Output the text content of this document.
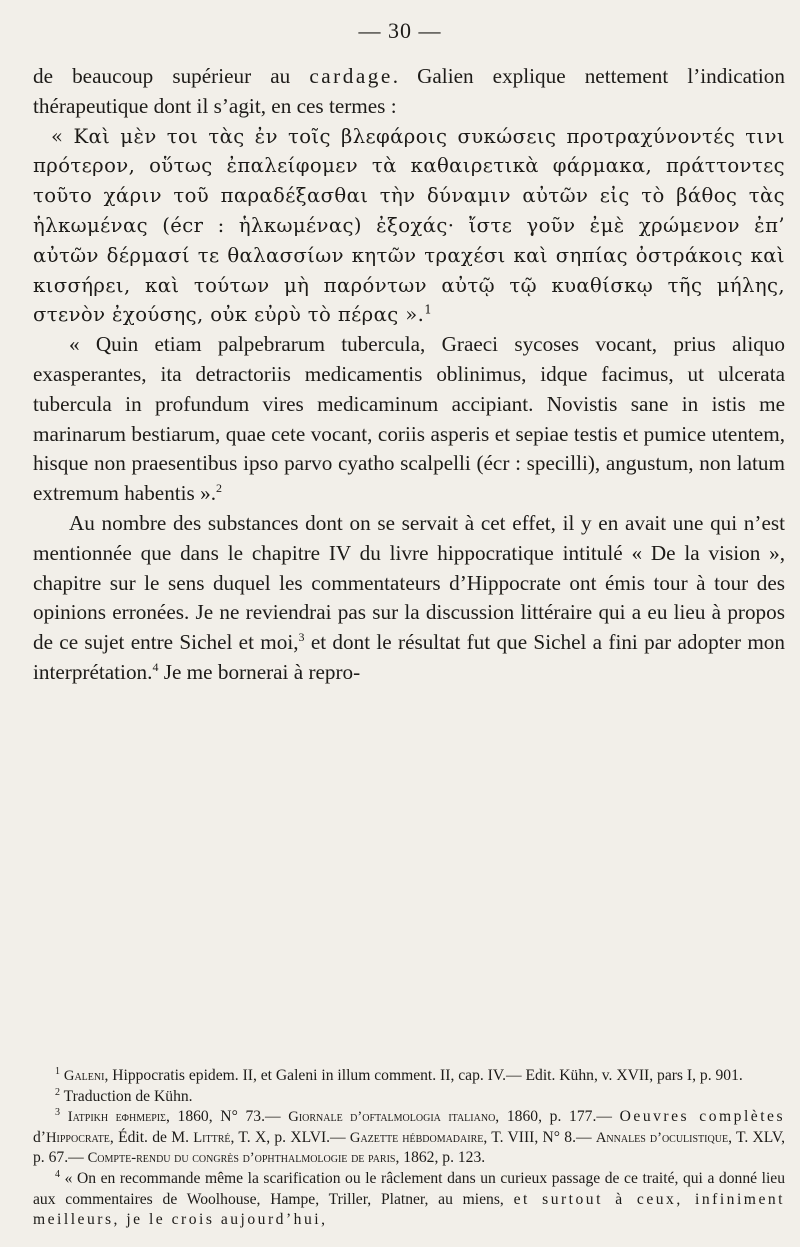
— 30 —

de beaucoup supérieur au cardage. Galien explique nettement l’indication thérapeutique dont il s’agit, en ces termes :

« Καὶ μὲν τοι τὰς ἐν τοῖς βλεφάροις συκώσεις προτραχύνοντές τινι πρότερον, οὕτως ἐπαλείφομεν τὰ καθαιρετικὰ φάρμακα, πράττοντες τοῦτο χάριν τοῦ παραδέξασθαι τὴν δύναμιν αὐτῶν εἰς τὸ βάθος τὰς ἡλκωμένας (écr : ἡλκωμένας) ἐξοχάς· ἴστε γοῦν ἐμὲ χρώμενον ἐπ’ αὐτῶν δέρμασί τε θαλασσίων κητῶν τραχέσι καὶ σηπίας ὀστράκοις καὶ κισσήρει, καὶ τούτων μὴ παρόντων αὐτῷ τῷ κυαθίσκῳ τῆς μήλης, στενὸν ἐχούσης, οὐκ εὐρὺ τὸ πέρας ».$^1$

« Quin etiam palpebrarum tubercula, Graeci sycoses vocant, prius aliquo exasperantes, ita detractoriis medicamentis oblinimus, idque facimus, ut ulcerata tubercula in profundum vires medicaminum accipiant. Novistis sane in istis me marinarum bestiarum, quae cete vocant, coriis asperis et sepiae testis et pumice utentem, hisque non praesentibus ipso parvo cyatho scalpelli (écr : specilli), angustum, non latum extremum habentis ».$^2$

Au nombre des substances dont on se servait à cet effet, il y en avait une qui n’est mentionnée que dans le chapitre IV du livre hippocratique intitulé « De la vision », chapitre sur le sens duquel les commentateurs d’Hippocrate ont émis tour à tour des opinions erronées. Je ne reviendrai pas sur la discussion littéraire qui a eu lieu à propos de ce sujet entre Sichel et moi,$^3$ et dont le résultat fut que Sichel a fini par adopter mon interprétation.$^4$ Je me bornerai à repro-

$^1$ Galeni, Hippocratis epidem. II, et Galeni in illum comment. II, cap. IV.— Edit. Kühn, v. XVII, pars I, p. 901.

$^2$ Traduction de Kühn.

$^3$ Ιατρικη εφημερις, 1860, N° 73.— Giornale d’oftalmologia italiano, 1860, p. 177.— Oeuvres complètes d’Hippocrate, Édit. de M. Littré, T. X, p. XLVI.— Gazette hébdomadaire, T. VIII, N° 8.— Annales d’oculistique, T. XLV, p. 67.— Compte-rendu du congrès d’ophthalmologie de paris, 1862, p. 123.

$^4$ « On en recommande même la scarification ou le râclement dans un curieux passage de ce traité, qui a donné lieu aux commentaires de Woolhouse, Hampe, Triller, Platner, au miens, et surtout à ceux, infiniment meilleurs, je le crois aujourd’hui,
